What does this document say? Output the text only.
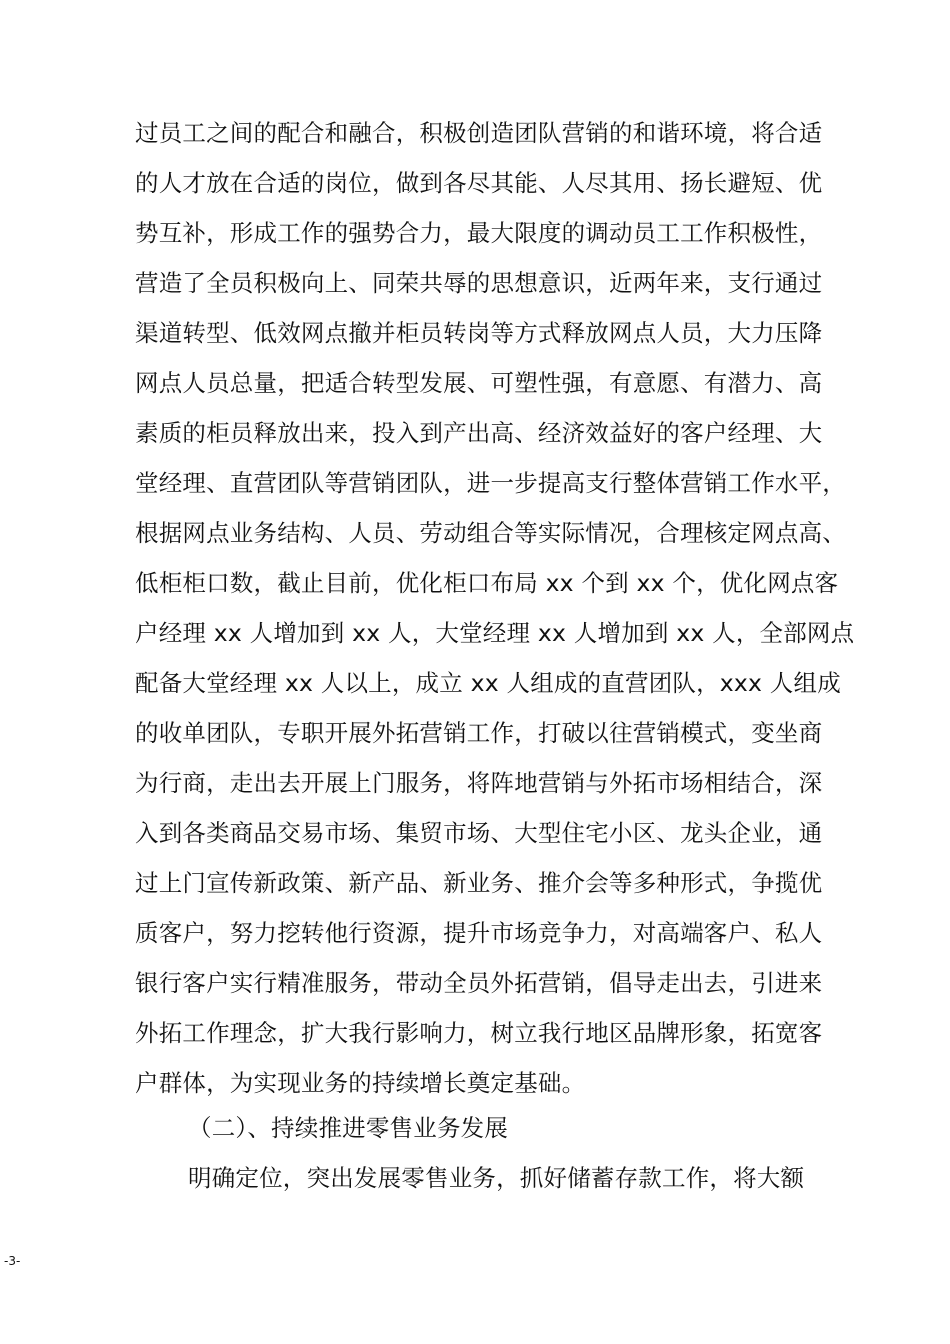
过员工之间的配合和融合，积极创造团队营销的和谐环境，将合适
的人才放在合适的岗位，做到各尽其能、人尽其用、扬长避短、优
势互补，形成工作的强势合力，最大限度的调动员工工作积极性，
营造了全员积极向上、同荣共辱的思想意识，近两年来，支行通过
渠道转型、低效网点撤并柜员转岗等方式释放网点人员，大力压降
网点人员总量，把适合转型发展、可塑性强，有意愿、有潜力、高
素质的柜员释放出来，投入到产出高、经济效益好的客户经理、大
堂经理、直营团队等营销团队，进一步提高支行整体营销工作水平，
根据网点业务结构、人员、劳动组合等实际情况，合理核定网点高、
低柜柜口数，截止目前，优化柜口布局 xx 个到 xx 个，优化网点客
户经理 xx 人增加到 xx 人，大堂经理 xx 人增加到 xx 人，全部网点
配备大堂经理 xx 人以上，成立 xx 人组成的直营团队，xxx 人组成
的收单团队，专职开展外拓营销工作，打破以往营销模式，变坐商
为行商，走出去开展上门服务，将阵地营销与外拓市场相结合，深
入到各类商品交易市场、集贸市场、大型住宅小区、龙头企业，通
过上门宣传新政策、新产品、新业务、推介会等多种形式，争揽优
质客户，努力挖转他行资源，提升市场竞争力，对高端客户、私人
银行客户实行精准服务，带动全员外拓营销，倡导走出去，引进来
外拓工作理念，扩大我行影响力，树立我行地区品牌形象，拓宽客
户群体，为实现业务的持续增长奠定基础。
（二）、持续推进零售业务发展
明确定位，突出发展零售业务，抓好储蓄存款工作，将大额
-3-
